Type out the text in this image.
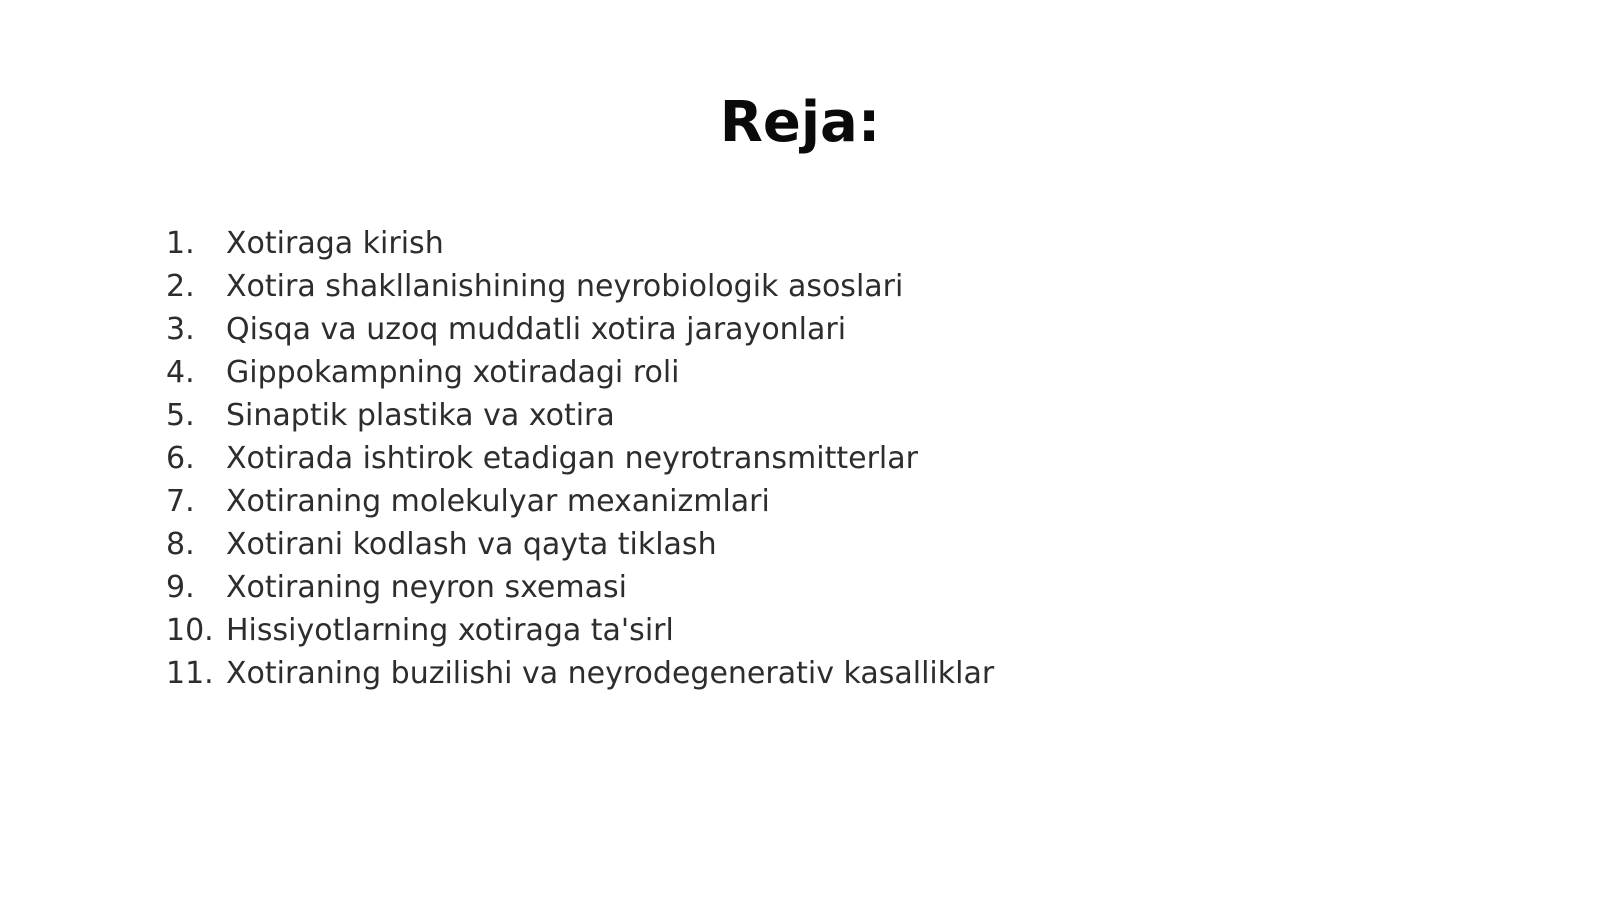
Reja:
1.	Xotiraga kirish
2.	Xotira shakllanishining neyrobiologik asoslari
3.	Qisqa va uzoq muddatli xotira jarayonlari
4.	Gippokampning xotiradagi roli
5.	Sinaptik plastika va xotira
6.	Xotirada ishtirok etadigan neyrotransmitterlar
7.	Xotiraning molekulyar mexanizmlari
8.	Xotirani kodlash va qayta tiklash
9.	Xotiraning neyron sxemasi
10. Hissiyotlarning xotiraga ta'sirl
11. Xotiraning buzilishi va neyrodegenerativ kasalliklar
